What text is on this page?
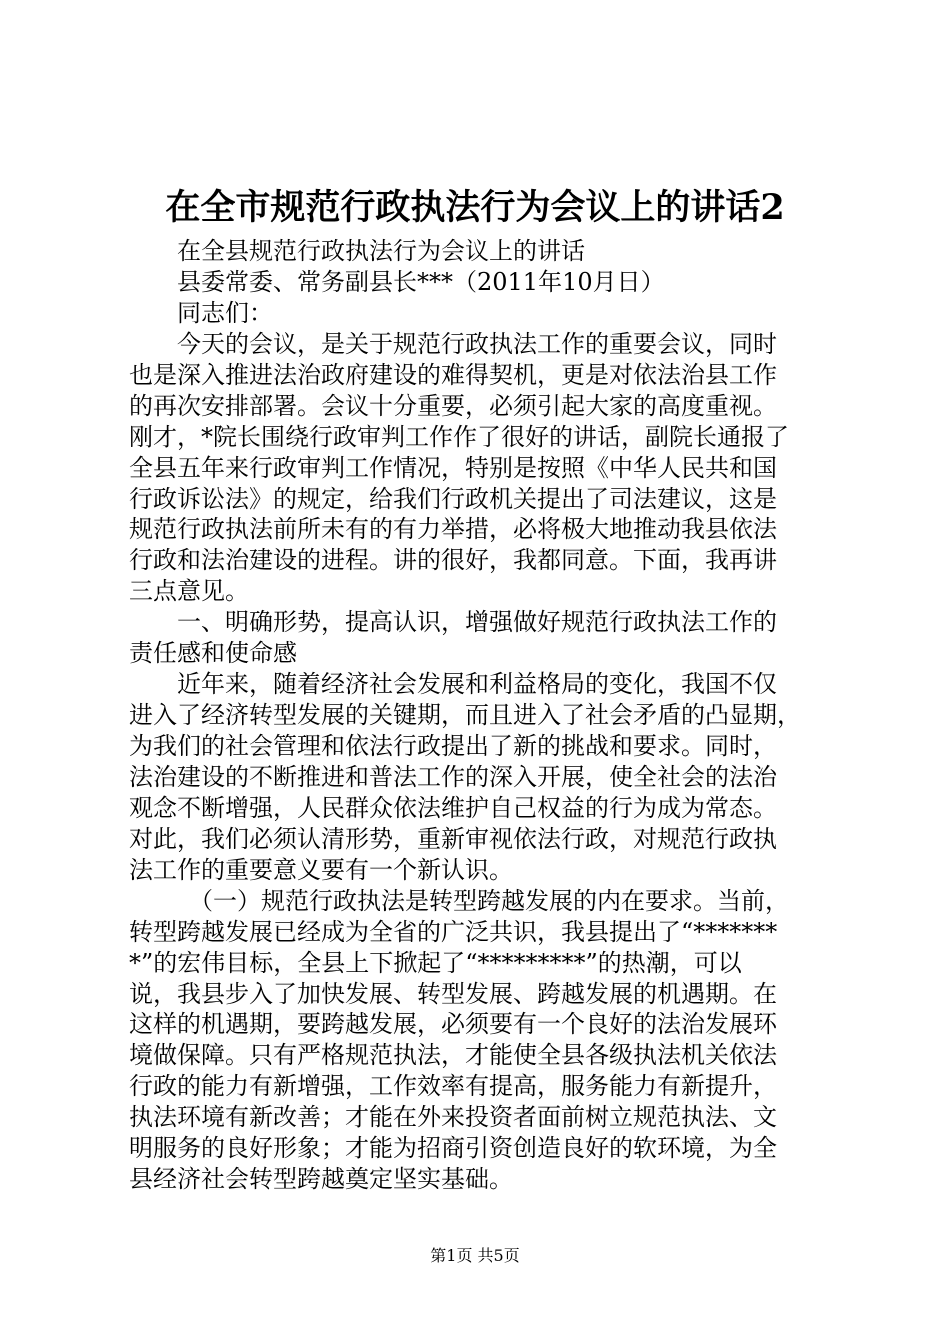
在全市规范行政执法行为会议上的讲话2
在全县规范行政执法行为会议上的讲话
县委常委、常务副县长***（2011年10月日）
同志们：
今天的会议，是关于规范行政执法工作的重要会议，同时
也是深入推进法治政府建设的难得契机，更是对依法治县工作
的再次安排部署。会议十分重要，必须引起大家的高度重视。
刚才，*院长围绕行政审判工作作了很好的讲话，副院长通报了
全县五年来行政审判工作情况，特别是按照《中华人民共和国
行政诉讼法》的规定，给我们行政机关提出了司法建议，这是
规范行政执法前所未有的有力举措，必将极大地推动我县依法
行政和法治建设的进程。讲的很好，我都同意。下面，我再讲
三点意见。
一、明确形势，提高认识，增强做好规范行政执法工作的
责任感和使命感
近年来，随着经济社会发展和利益格局的变化，我国不仅
进入了经济转型发展的关键期，而且进入了社会矛盾的凸显期，
为我们的社会管理和依法行政提出了新的挑战和要求。同时，
法治建设的不断推进和普法工作的深入开展，使全社会的法治
观念不断增强，人民群众依法维护自己权益的行为成为常态。
对此，我们必须认清形势，重新审视依法行政，对规范行政执
法工作的重要意义要有一个新认识。
（一）规范行政执法是转型跨越发展的内在要求。当前，
转型跨越发展已经成为全省的广泛共识，我县提出了“*******
*”的宏伟目标，全县上下掀起了“*********”的热潮，可以
说，我县步入了加快发展、转型发展、跨越发展的机遇期。在
这样的机遇期，要跨越发展，必须要有一个良好的法治发展环
境做保障。只有严格规范执法，才能使全县各级执法机关依法
行政的能力有新增强，工作效率有提高，服务能力有新提升，
执法环境有新改善；才能在外来投资者面前树立规范执法、文
明服务的良好形象；才能为招商引资创造良好的软环境，为全
县经济社会转型跨越奠定坚实基础。
第1页 共5页
